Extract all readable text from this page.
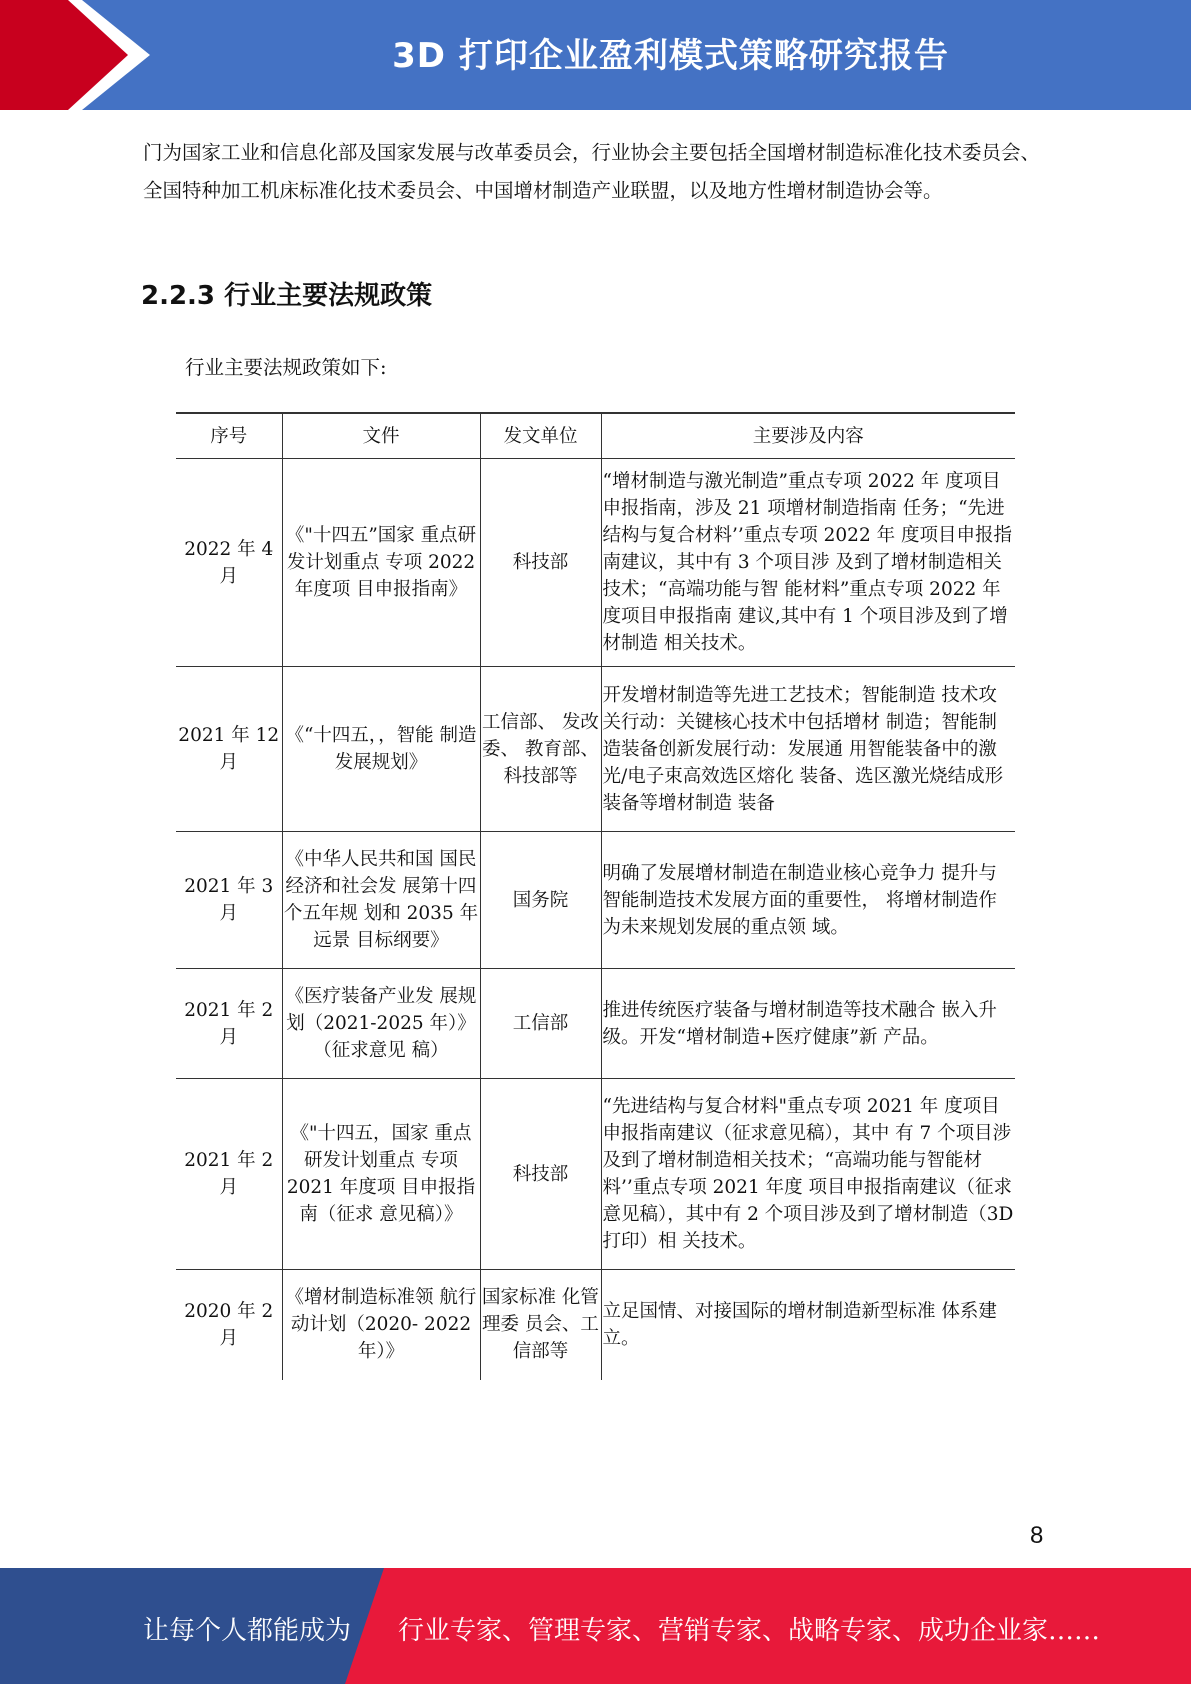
3D 打印企业盈利模式策略研究报告

门为国家工业和信息化部及国家发展与改革委员会，行业协会主要包括全国增材制造标准化技术委员会、全国特种加工机床标准化技术委员会、中国增材制造产业联盟，以及地方性增材制造协会等。

2.2.3 行业主要法规政策

行业主要法规政策如下:

序号	文件	发文单位	主要涉及内容
2022 年 4 月	《"十四五”国家 重点研发计划重点 专项 2022 年度项 目申报指南》	科技部	“增材制造与激光制造”重点专项 2022 年 度项目申报指南，涉及 21 项增材制造指南 任务；“先进结构与复合材料’’重点专项 2022 年 度项目申报指南建议，其中有 3 个项目涉 及到了增材制造相关技术；“高端功能与智 能材料”重点专项 2022 年度项目申报指南 建议,其中有 1 个项目涉及到了增材制造 相关技术。
2021 年 12 月	《“十四五，，智能 制造发展规划》	工信部、 发改委、 教育部、 科技部等	开发增材制造等先进工艺技术；智能制造 技术攻关行动：关键核心技术中包括增材 制造；智能制造装备创新发展行动：发展通 用智能装备中的激光/电子束高效选区熔化 装备、选区激光烧结成形装备等增材制造 装备
2021 年 3 月	《中华人民共和国 国民经济和社会发 展第十四个五年规 划和 2035 年远景 目标纲要》	国务院	明确了发展增材制造在制造业核心竞争力 提升与智能制造技术发展方面的重要性， 将增材制造作为未来规划发展的重点领 域。
2021 年 2 月	《医疗装备产业发 展规划（2021-2025 年）》（征求意见 稿）	工信部	推进传统医疗装备与增材制造等技术融合 嵌入升级。开发“增材制造+医疗健康”新 产品。
2021 年 2 月	《"十四五，国家 重点研发计划重点 专项 2021 年度项 目申报指南（征求 意见稿）》	科技部	“先进结构与复合材料"重点专项 2021 年 度项目申报指南建议（征求意见稿），其中 有 7 个项目涉及到了增材制造相关技术；“高端功能与智能材料’’重点专项 2021 年度 项目申报指南建议（征求意见稿），其中有 2 个项目涉及到了增材制造（3D 打印）相 关技术。
2020 年 2 月	《增材制造标准领 航行动计划（2020- 2022 年）》	国家标准 化管理委 员会、工 信部等	立足国情、对接国际的增材制造新型标准 体系建立。
8
让每个人都能成为 行业专家、管理专家、营销专家、战略专家、成功企业家……
